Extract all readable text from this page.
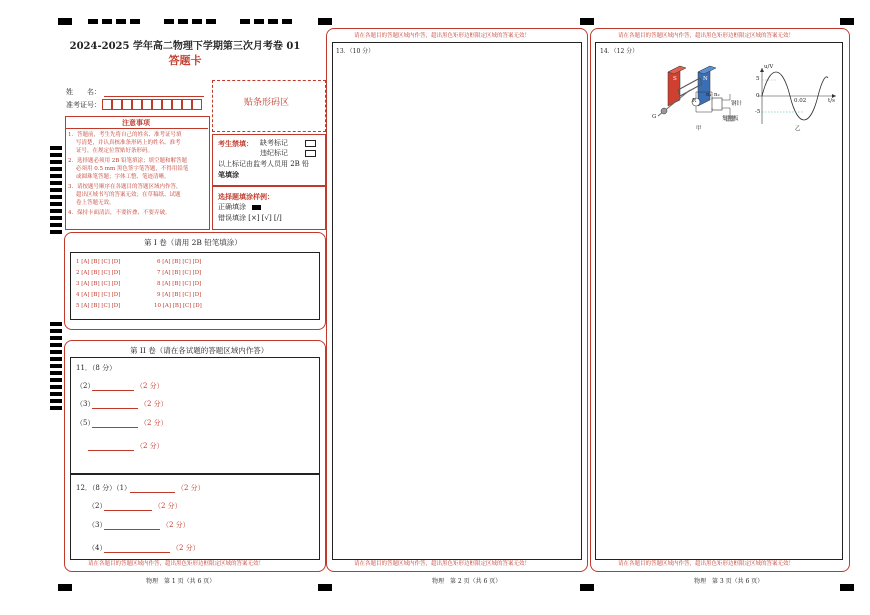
2024-2025 学年高二物理下学期第三次月考卷 01
答题卡
姓　　名：
准考证号：	贴条形码区
注意事项
1．答题前，考生先将自己的姓名、准考证号填
写清楚，并认真核准条形码上的姓名、准考
证号，在规定位置贴好条形码。
2．选择题必须用 2B 铅笔填涂；填空题和解答题
必须用 0.5 mm 黑色签字笔答题，不得用铅笔
或圆珠笔答题；字体工整、笔迹清晰。
3．请按题号顺序在各题目的答题区域内作答，
超出区域书写的答案无效；在草稿纸、试题
卷上答题无效。
4．保持卡面清洁，不要折叠、不要弄破。
考生禁填： 缺考标记
违纪标记
以上标记由监考人员用 2B 铅
笔填涂
选择题填涂样例：
正确填涂
错误填涂 [×] [√] [/]
第 I 卷（请用 2B 铅笔填涂）
1 [A] [B] [C] [D]
2 [A] [B] [C] [D]
3 [A] [B] [C] [D]
4 [A] [B] [C] [D]
5 [A] [B] [C] [D]
6 [A] [B] [C] [D]
7 [A] [B] [C] [D]
8 [A] [B] [C] [D]
9 [A] [B] [C] [D]
10 [A] [B] [C] [D]
第 II 卷（请在各试题的答题区域内作答）
11．（8 分）
（2）	（2 分）
（3）	（2 分）
（5）	（2 分）
（2 分）
12．（8 分）（1）	（2 分）
（2）	（2 分）
（3）	（2 分）
（4）	（2 分）
请在各题目的答题区域内作答，超出黑色矩形边框限定区域的答案无效！
物理　第 1 页（共 6 页）
请在各题目的答题区域内作答，超出黑色矩形边框限定区域的答案无效！
13．（10 分）
请在各题目的答题区域内作答，超出黑色矩形边框限定区域的答案无效！
物理　第 2 页（共 6 页）
请在各题目的答题区域内作答，超出黑色矩形边框限定区域的答案无效！
14．（12 分）
请在各题目的答题区域内作答，超出黑色矩形边框限定区域的答案无效！
物理　第 3 页（共 6 页）
S	N
G
R
n₁ n₂
钢针
集闸板
甲
u/V
t/s
5
0
-5
0.02
乙
